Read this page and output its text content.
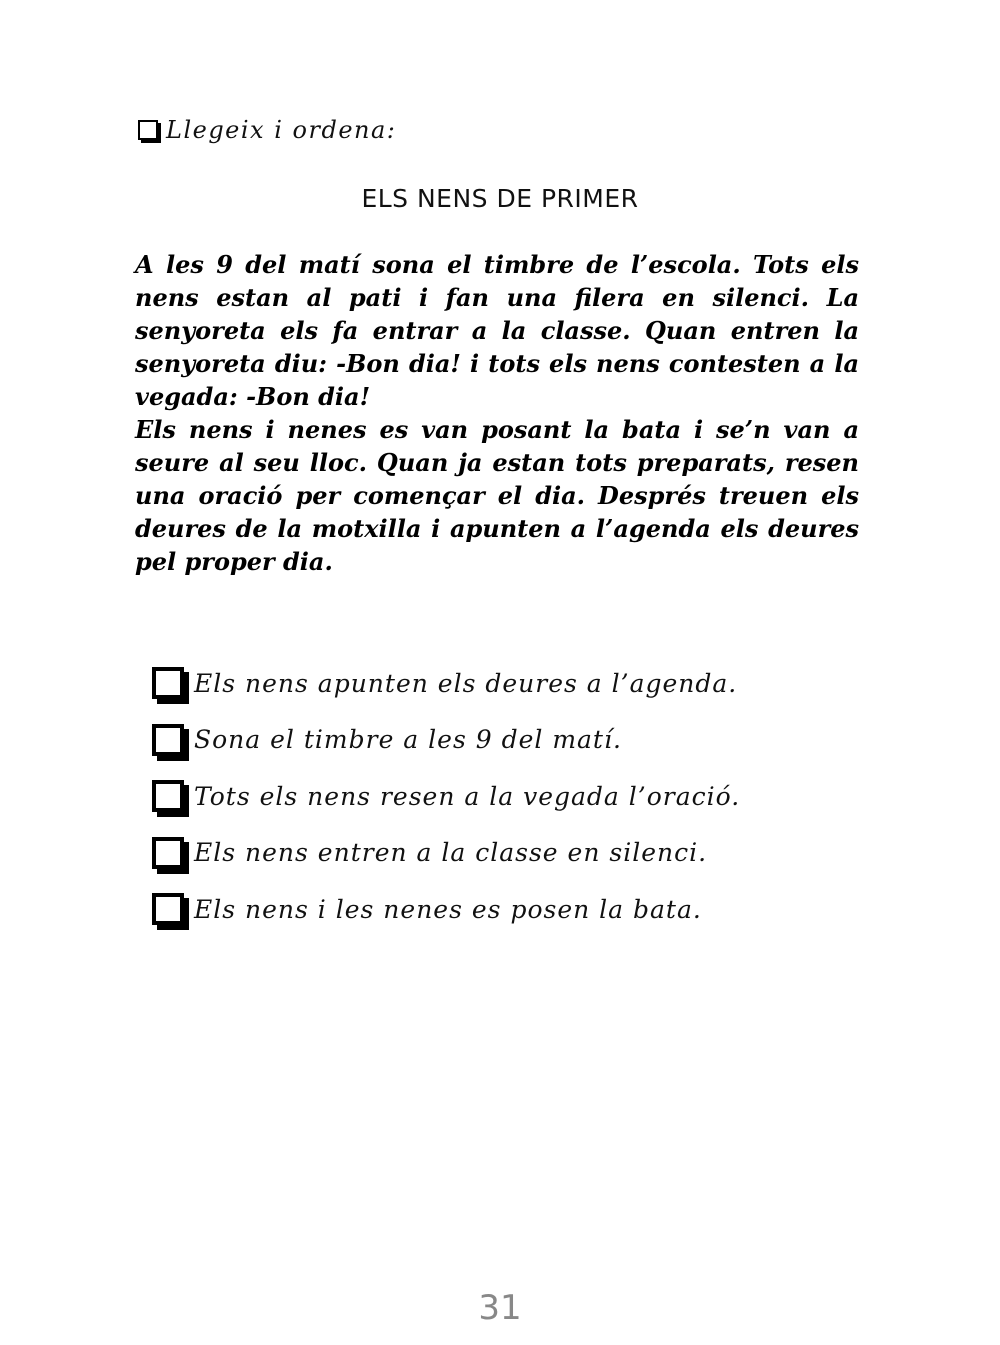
Llegeix i ordena:
ELS NENS DE PRIMER

A les 9 del matí sona el timbre de l’escola. Tots els nens estan al pati i fan una filera en silenci. La senyoreta els fa entrar a la classe. Quan entren la senyoreta diu: -Bon dia! i tots els nens contesten a la vegada: -Bon dia!

Els nens i nenes es van posant la bata i se’n van a seure al seu lloc. Quan ja estan tots preparats, resen una oració per començar el dia. Després treuen els deures de la motxilla i apunten a l’agenda els deures pel proper dia.

Els nens apunten els deures a l’agenda.
Sona el timbre a les 9 del matí.
Tots els nens resen a la vegada l’oració.
Els nens entren a la classe en silenci.
Els nens i les nenes es posen la bata.
31
